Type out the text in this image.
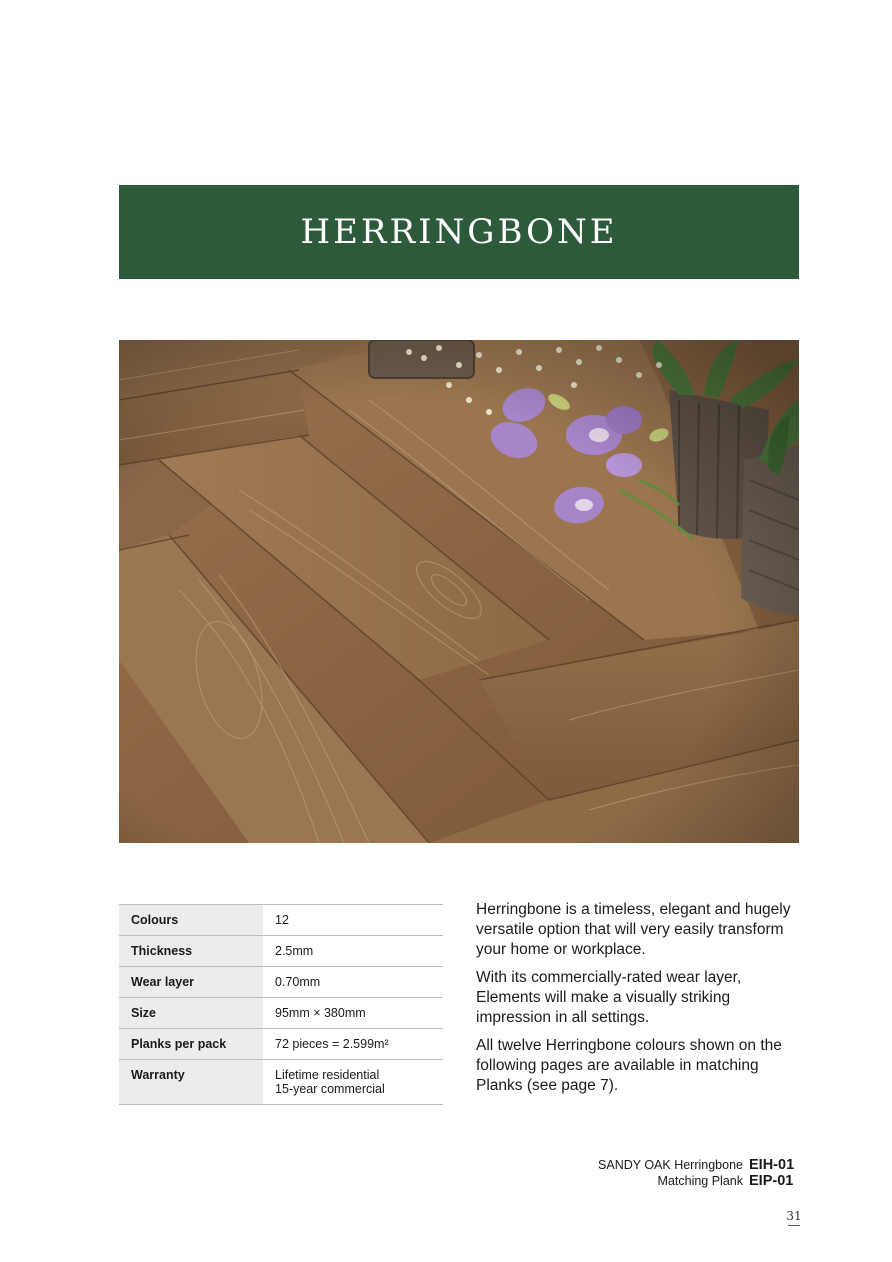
HERRINGBONE
Colours	12

Thickness	2.5mm

Wear layer	0.70mm

Size	95mm × 380mm

Planks per pack	72 pieces = 2.599m²

Warranty	Lifetime residential
15-year commercial

Herringbone is a timeless, elegant and hugely versatile option that will very easily transform your home or workplace.

With its commercially-rated wear layer, Elements will make a visually striking impression in all settings.

All twelve Herringbone colours shown on the following pages are available in matching Planks (see page 7).

SANDY OAK Herringbone EIH-01
Matching Plank EIP-01
31
